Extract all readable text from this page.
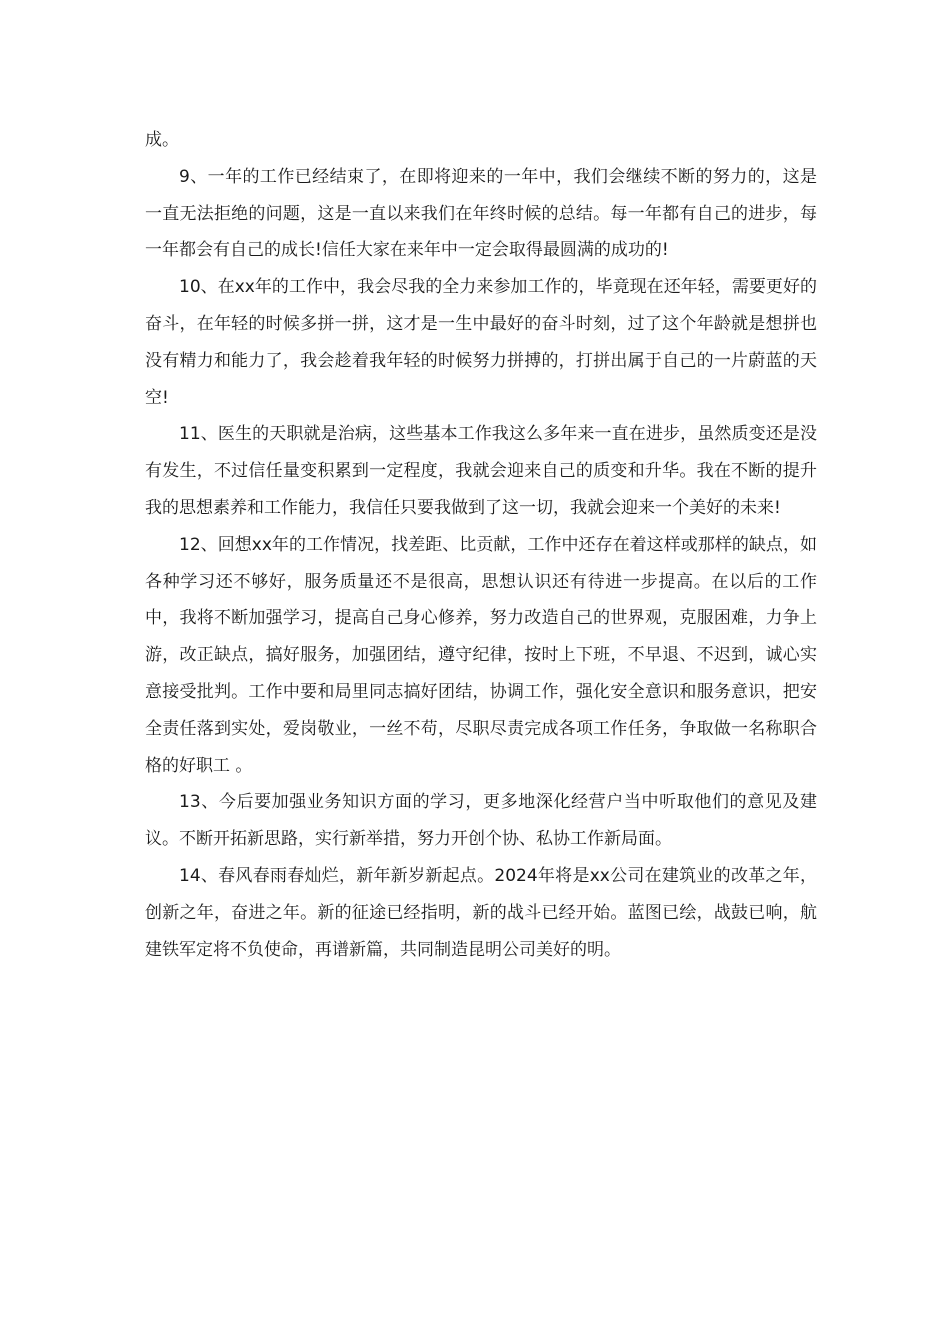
成。

9、一年的工作已经结束了，在即将迎来的一年中，我们会继续不断的努力的，这是一直无法拒绝的问题，这是一直以来我们在年终时候的总结。每一年都有自己的进步，每一年都会有自己的成长!信任大家在来年中一定会取得最圆满的成功的!

10、在xx年的工作中，我会尽我的全力来参加工作的，毕竟现在还年轻，需要更好的奋斗，在年轻的时候多拼一拼，这才是一生中最好的奋斗时刻，过了这个年龄就是想拼也没有精力和能力了，我会趁着我年轻的时候努力拼搏的，打拼出属于自己的一片蔚蓝的天空!

11、医生的天职就是治病，这些基本工作我这么多年来一直在进步，虽然质变还是没有发生，不过信任量变积累到一定程度，我就会迎来自己的质变和升华。我在不断的提升我的思想素养和工作能力，我信任只要我做到了这一切，我就会迎来一个美好的未来!

12、回想xx年的工作情况，找差距、比贡献，工作中还存在着这样或那样的缺点，如各种学习还不够好，服务质量还不是很高，思想认识还有待进一步提高。在以后的工作中，我将不断加强学习，提高自己身心修养，努力改造自己的世界观，克服困难，力争上游，改正缺点，搞好服务，加强团结，遵守纪律，按时上下班，不早退、不迟到，诚心实意接受批判。工作中要和局里同志搞好团结，协调工作，强化安全意识和服务意识，把安全责任落到实处，爱岗敬业，一丝不苟，尽职尽责完成各项工作任务，争取做一名称职合格的好职工 。

13、今后要加强业务知识方面的学习，更多地深化经营户当中听取他们的意见及建议。不断开拓新思路，实行新举措，努力开创个协、私协工作新局面。

14、春风春雨春灿烂，新年新岁新起点。2024年将是xx公司在建筑业的改革之年，创新之年，奋进之年。新的征途已经指明，新的战斗已经开始。蓝图已绘，战鼓已响，航建铁军定将不负使命，再谱新篇，共同制造昆明公司美好的明。
